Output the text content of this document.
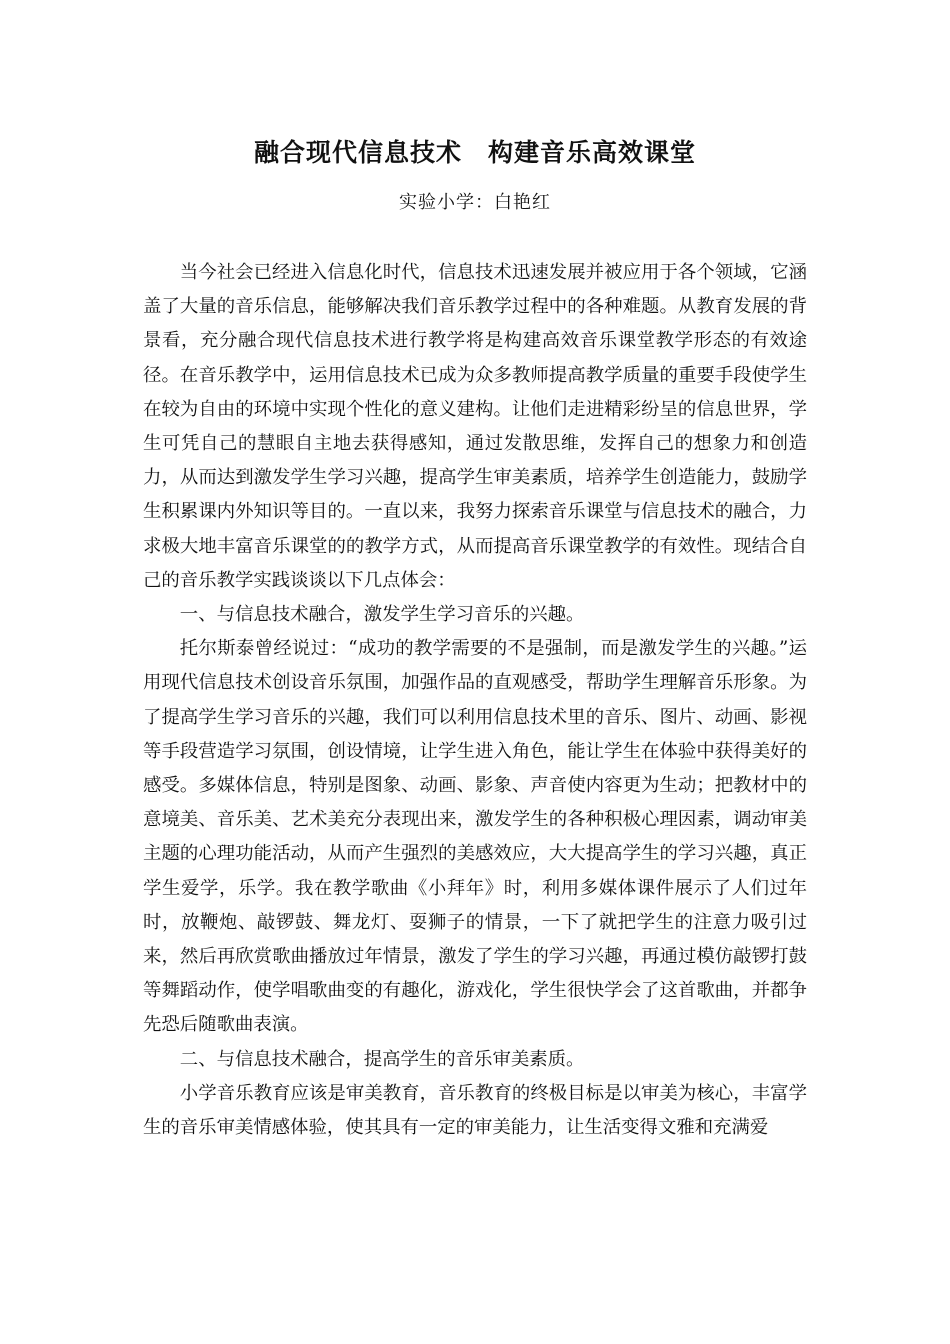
融合现代信息技术　构建音乐高效课堂
实验小学：白艳红

当今社会已经进入信息化时代，信息技术迅速发展并被应用于各个领域，它涵盖了大量的音乐信息，能够解决我们音乐教学过程中的各种难题。从教育发展的背景看，充分融合现代信息技术进行教学将是构建高效音乐课堂教学形态的有效途径。在音乐教学中，运用信息技术已成为众多教师提高教学质量的重要手段使学生在较为自由的环境中实现个性化的意义建构。让他们走进精彩纷呈的信息世界，学生可凭自己的慧眼自主地去获得感知，通过发散思维，发挥自己的想象力和创造力，从而达到激发学生学习兴趣，提高学生审美素质，培养学生创造能力，鼓励学生积累课内外知识等目的。一直以来，我努力探索音乐课堂与信息技术的融合，力求极大地丰富音乐课堂的的教学方式，从而提高音乐课堂教学的有效性。现结合自己的音乐教学实践谈谈以下几点体会：

一、与信息技术融合，激发学生学习音乐的兴趣。

托尔斯泰曾经说过：“成功的教学需要的不是强制，而是激发学生的兴趣。”运用现代信息技术创设音乐氛围，加强作品的直观感受，帮助学生理解音乐形象。为了提高学生学习音乐的兴趣，我们可以利用信息技术里的音乐、图片、动画、影视等手段营造学习氛围，创设情境，让学生进入角色，能让学生在体验中获得美好的感受。多媒体信息，特别是图象、动画、影象、声音使内容更为生动；把教材中的意境美、音乐美、艺术美充分表现出来，激发学生的各种积极心理因素，调动审美主题的心理功能活动，从而产生强烈的美感效应，大大提高学生的学习兴趣，真正学生爱学，乐学。我在教学歌曲《小拜年》时，利用多媒体课件展示了人们过年时，放鞭炮、敲锣鼓、舞龙灯、耍狮子的情景，一下了就把学生的注意力吸引过来，然后再欣赏歌曲播放过年情景，激发了学生的学习兴趣，再通过模仿敲锣打鼓等舞蹈动作，使学唱歌曲变的有趣化，游戏化，学生很快学会了这首歌曲，并都争先恐后随歌曲表演。

二、与信息技术融合，提高学生的音乐审美素质。

小学音乐教育应该是审美教育，音乐教育的终极目标是以审美为核心，丰富学生的音乐审美情感体验，使其具有一定的审美能力，让生活变得文雅和充满爱
